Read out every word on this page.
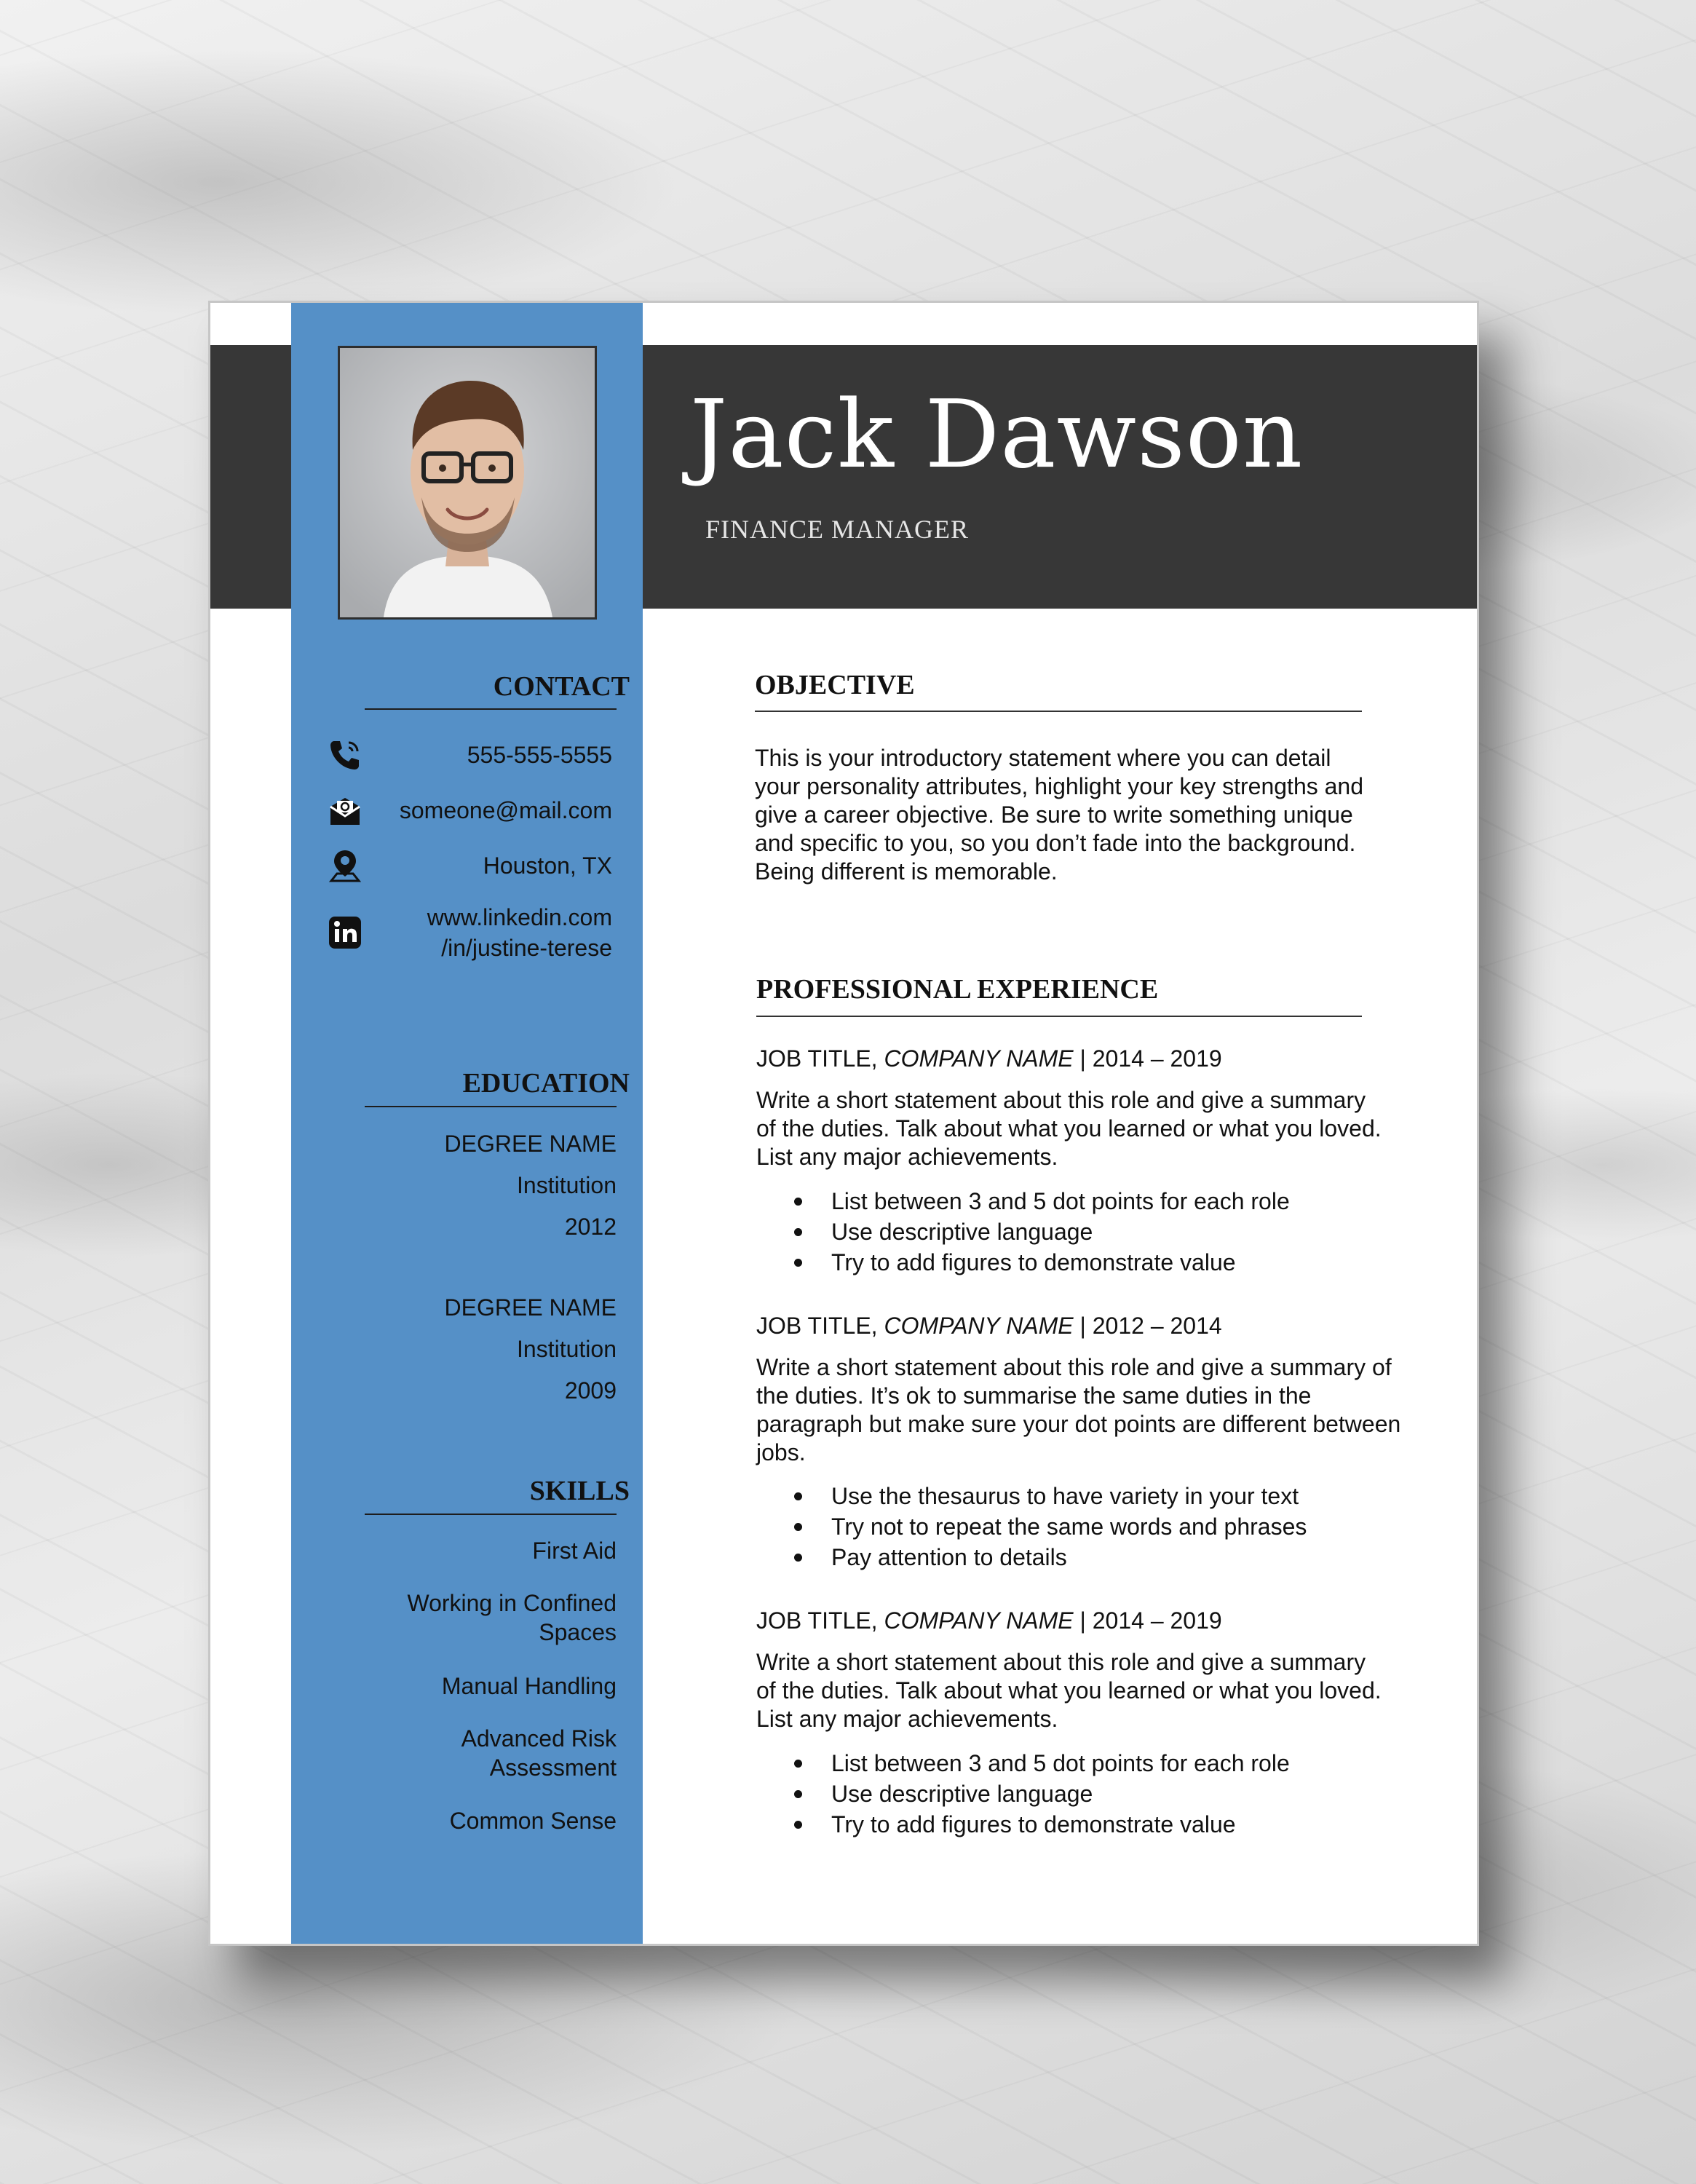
Jack Dawson
FINANCE MANAGER
CONTACT
555-555-5555
someone@mail.com
Houston, TX
www.linkedin.com
/in/justine-terese
EDUCATION
DEGREE NAME
Institution
2012
DEGREE NAME
Institution
2009
SKILLS
First Aid
Working in Confined Spaces
Manual Handling
Advanced Risk Assessment
Common Sense
OBJECTIVE
This is your introductory statement where you can detail your personality attributes, highlight your key strengths and give a career objective. Be sure to write something unique and specific to you, so you don’t fade into the background. Being different is memorable.
PROFESSIONAL EXPERIENCE
JOB TITLE, COMPANY NAME | 2014 – 2019
Write a short statement about this role and give a summary of the duties. Talk about what you learned or what you loved. List any major achievements.
List between 3 and 5 dot points for each role
Use descriptive language
Try to add figures to demonstrate value
JOB TITLE, COMPANY NAME | 2012 – 2014
Write a short statement about this role and give a summary of the duties. It’s ok to summarise the same duties in the paragraph but make sure your dot points are different between jobs.
Use the thesaurus to have variety in your text
Try not to repeat the same words and phrases
Pay attention to details
JOB TITLE, COMPANY NAME | 2014 – 2019
Write a short statement about this role and give a summary of the duties. Talk about what you learned or what you loved. List any major achievements.
List between 3 and 5 dot points for each role
Use descriptive language
Try to add figures to demonstrate value
